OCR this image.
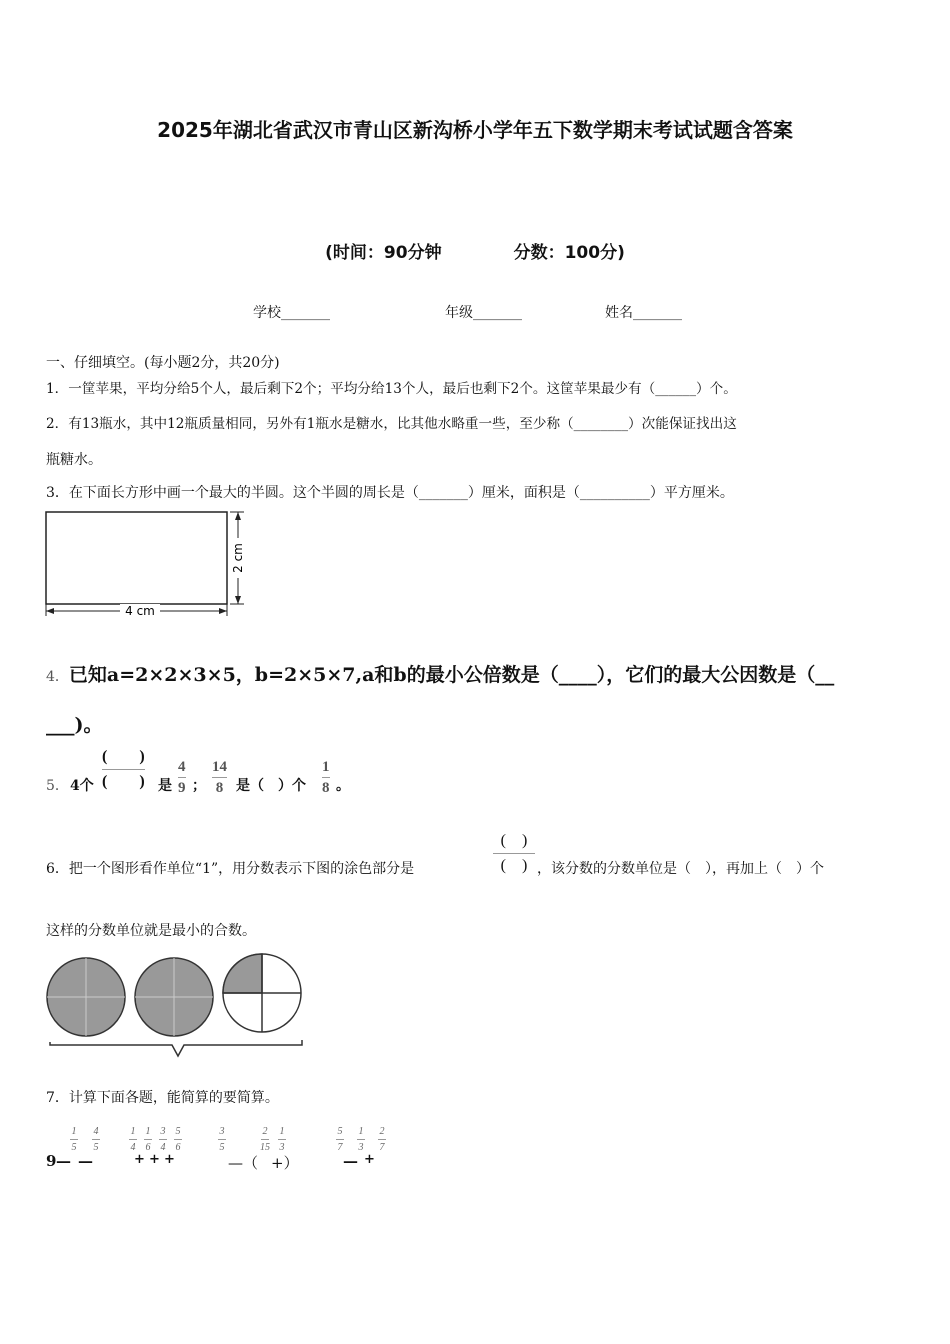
2025年湖北省武汉市青山区新沟桥小学年五下数学期末考试试题含答案
(时间：90分钟	分数：100分)
学校_______	年级_______	姓名_______
一、仔细填空。(每小题2分，共20分)
1．一筐苹果，平均分给5个人，最后剩下2个；平均分给13个人，最后也剩下2个。这筐苹果最少有（______）个。
2．有13瓶水，其中12瓶质量相同，另外有1瓶水是糖水，比其他水略重一些，至少称（________）次能保证找出这
瓶糖水。
3．在下面长方形中画一个最大的半圆。这个半圆的周长是（_______）厘米，面积是（__________）平方厘米。
4 cm
2 cm
4．已知a=2×2×3×5，b=2×5×7,a和b的最小公倍数是（____），它们的最大公因数是（__
___)。
5． 4个
(　　)
(　　) 是
4
9 ；
14
8 是（　）个
1
8 。
6．把一个图形看作单位“1”，用分数表示下图的涂色部分是
(　)
(　) ，该分数的分数单位是（　），再加上（　）个
这样的分数单位就是最小的合数。
7．计算下面各题，能简算的要简算。
9 —
1
5
—
4
5
1
4
1
6
3
4
5
6
+ + +
3
5
—（
2
15
1
3
+）
5
7
—
1
3
+
2
7
